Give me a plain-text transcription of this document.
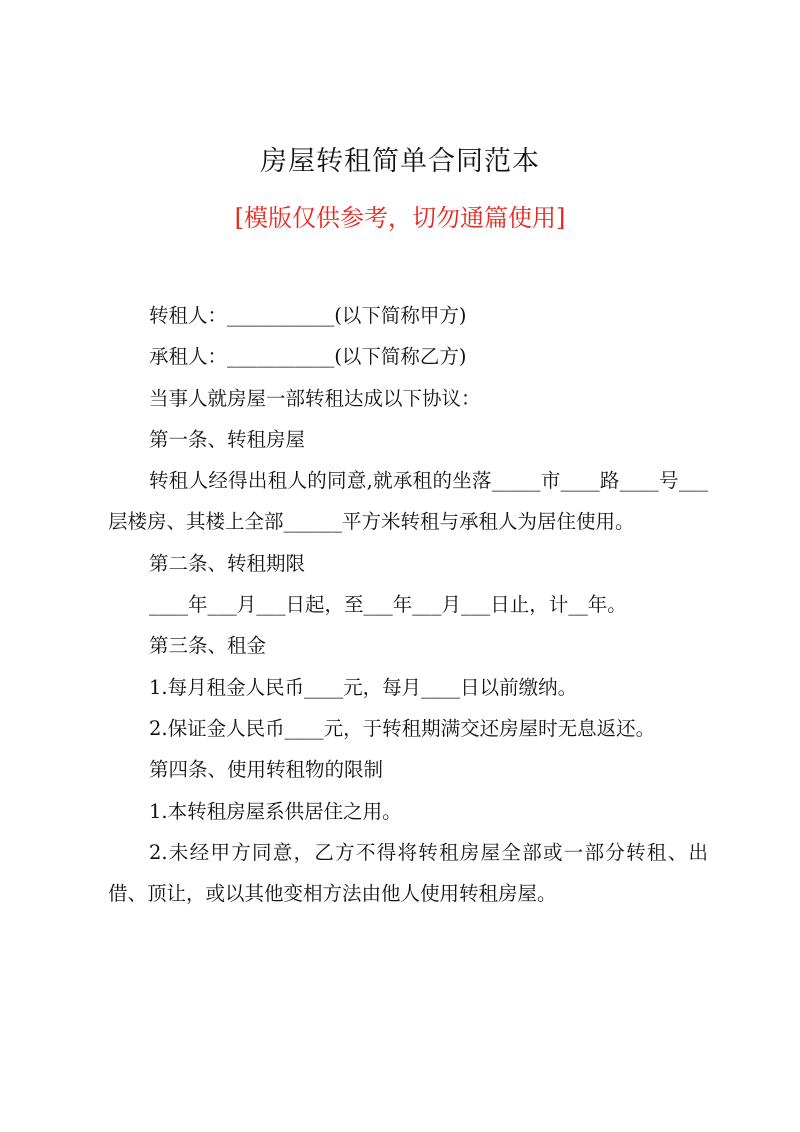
房屋转租简单合同范本
[模版仅供参考，切勿通篇使用]

转租人：___________(以下简称甲方)

承租人：___________(以下简称乙方)

当事人就房屋一部转租达成以下协议：

第一条、转租房屋

转租人经得出租人的同意,就承租的坐落_____市____路____号___层楼房、其楼上全部______平方米转租与承租人为居住使用。

第二条、转租期限

____年___月___日起，至___年___月___日止，计__年。

第三条、租金

1.每月租金人民币____元，每月____日以前缴纳。

2.保证金人民币____元，于转租期满交还房屋时无息返还。

第四条、使用转租物的限制

1.本转租房屋系供居住之用。

2.未经甲方同意，乙方不得将转租房屋全部或一部分转租、出借、顶让，或以其他变相方法由他人使用转租房屋。
